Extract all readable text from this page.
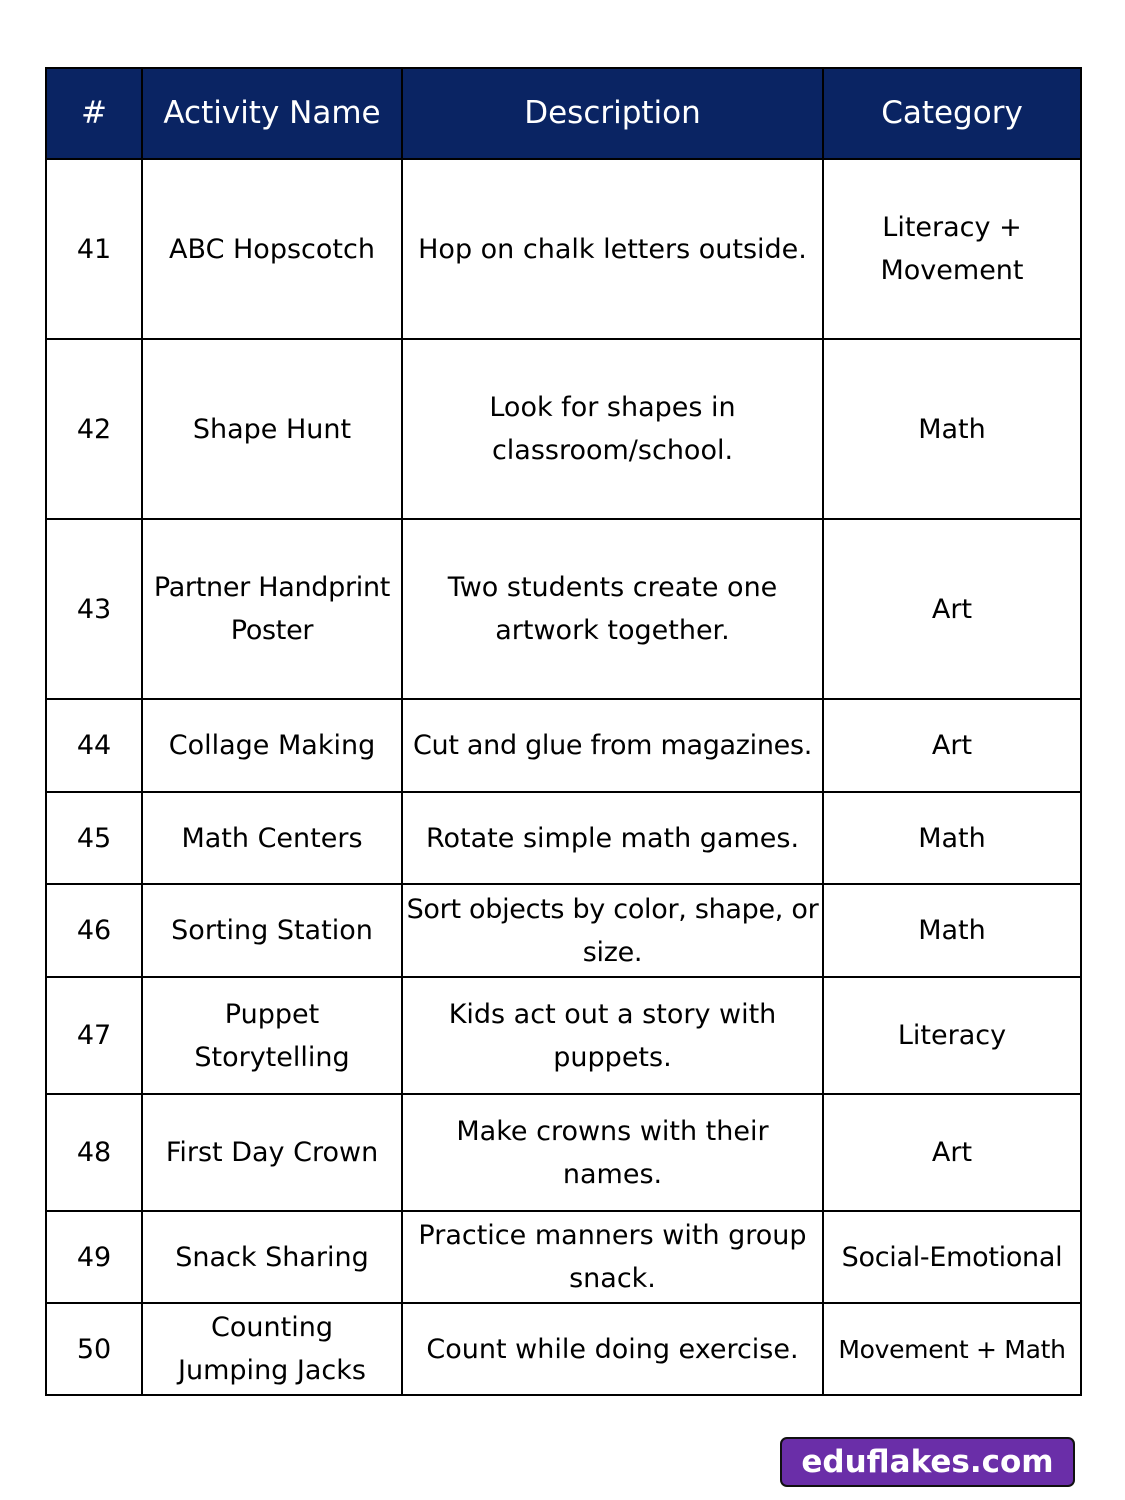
#	Activity Name	Description	Category
41	ABC Hopscotch	Hop on chalk letters outside.	Literacy + Movement
42	Shape Hunt	Look for shapes in classroom/school.	Math
43	Partner Handprint Poster	Two students create one artwork together.	Art
44	Collage Making	Cut and glue from magazines.	Art
45	Math Centers	Rotate simple math games.	Math
46	Sorting Station	Sort objects by color, shape, or size.	Math
47	Puppet Storytelling	Kids act out a story with puppets.	Literacy
48	First Day Crown	Make crowns with their names.	Art
49	Snack Sharing	Practice manners with group snack.	Social-Emotional
50	Counting Jumping Jacks	Count while doing exercise.	Movement + Math
eduflakes.com
